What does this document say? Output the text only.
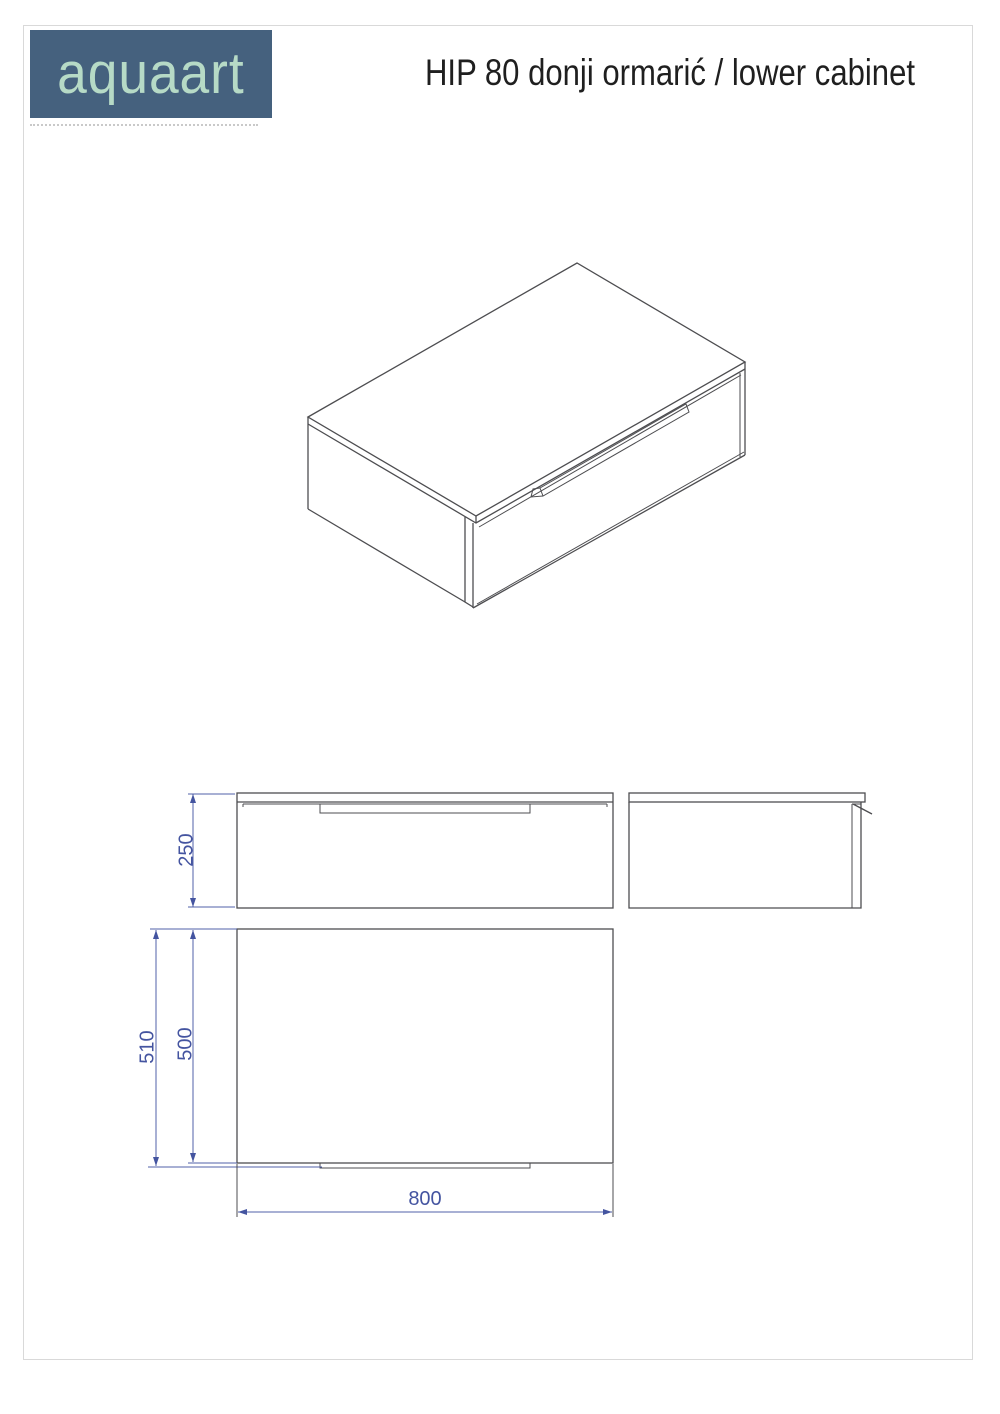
aquaart	HIP 80 donji ormarić / lower cabinet
250
510 500
800
